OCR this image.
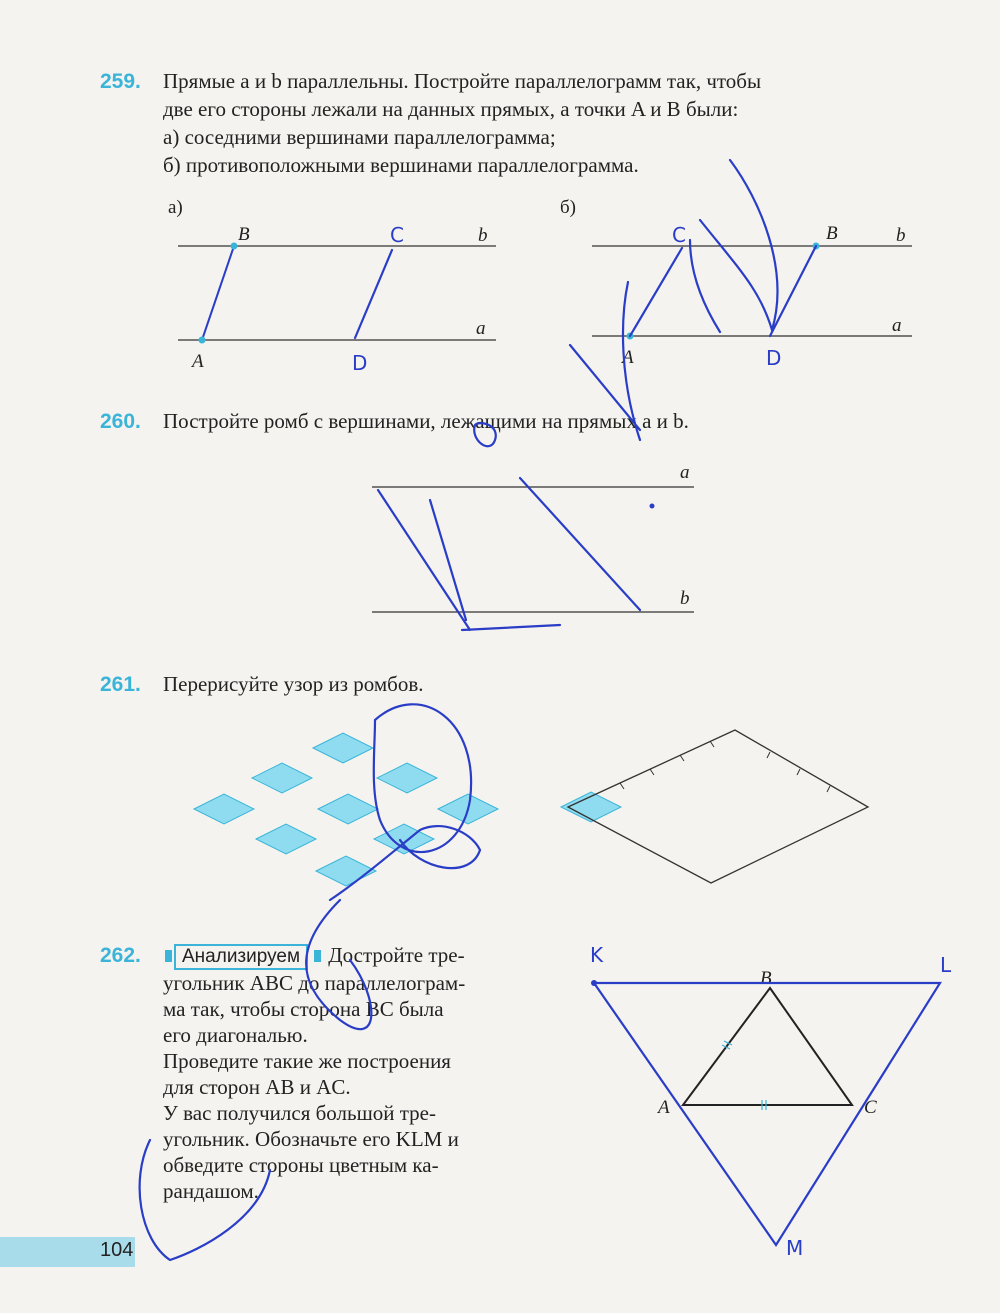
259. Прямые a и b параллельны. Постройте параллелограмм так, чтобы
две его стороны лежали на данных прямых, а точки A и B были:
а) соседними вершинами параллелограмма;
б) противоположными вершинами параллелограмма.

260. Постройте ромб с вершинами, лежащими на прямых a и b.

261. Перерисуйте узор из ромбов.

262.	Анализируем Достройте тре-
угольник ABC до параллелограм-
ма так, чтобы сторона BC была
его диагональю.
Проведите такие же построения
для сторон AB и AC.
У вас получился большой тре-
угольник. Обозначьте его KLM и
обведите стороны цветным ка-
рандашом.

104
а)
b
a
A
B	C
D
б)
b
a
A
B
C
D
a
b
B
A	C
K	L
M
